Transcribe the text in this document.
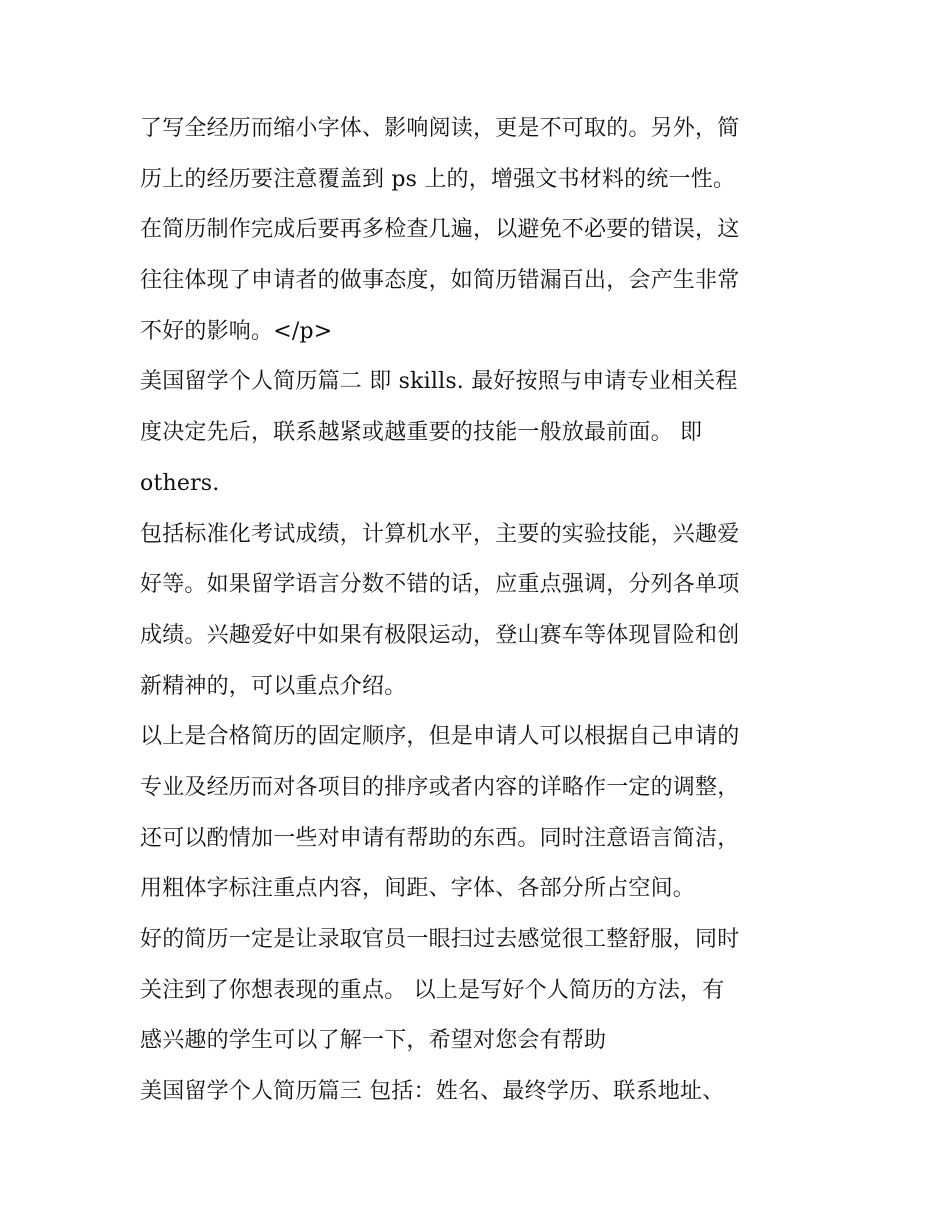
了写全经历而缩小字体、影响阅读，更是不可取的。另外，简
历上的经历要注意覆盖到 ps 上的，增强文书材料的统一性。

在简历制作完成后要再多检查几遍，以避免不必要的错误，这
往往体现了申请者的做事态度，如简历错漏百出，会产生非常
不好的影响。</p>

美国留学个人简历篇二 即 skills. 最好按照与申请专业相关程
度决定先后，联系越紧或越重要的技能一般放最前面。 即
others.

包括标准化考试成绩，计算机水平，主要的实验技能，兴趣爱
好等。如果留学语言分数不错的话，应重点强调，分列各单项
成绩。兴趣爱好中如果有极限运动，登山赛车等体现冒险和创
新精神的，可以重点介绍。

以上是合格简历的固定顺序，但是申请人可以根据自己申请的
专业及经历而对各项目的排序或者内容的详略作一定的调整，
还可以酌情加一些对申请有帮助的东西。同时注意语言简洁，
用粗体字标注重点内容，间距、字体、各部分所占空间。

好的简历一定是让录取官员一眼扫过去感觉很工整舒服，同时
关注到了你想表现的重点。 以上是写好个人简历的方法，有
感兴趣的学生可以了解一下，希望对您会有帮助

美国留学个人简历篇三 包括：姓名、最终学历、联系地址、
